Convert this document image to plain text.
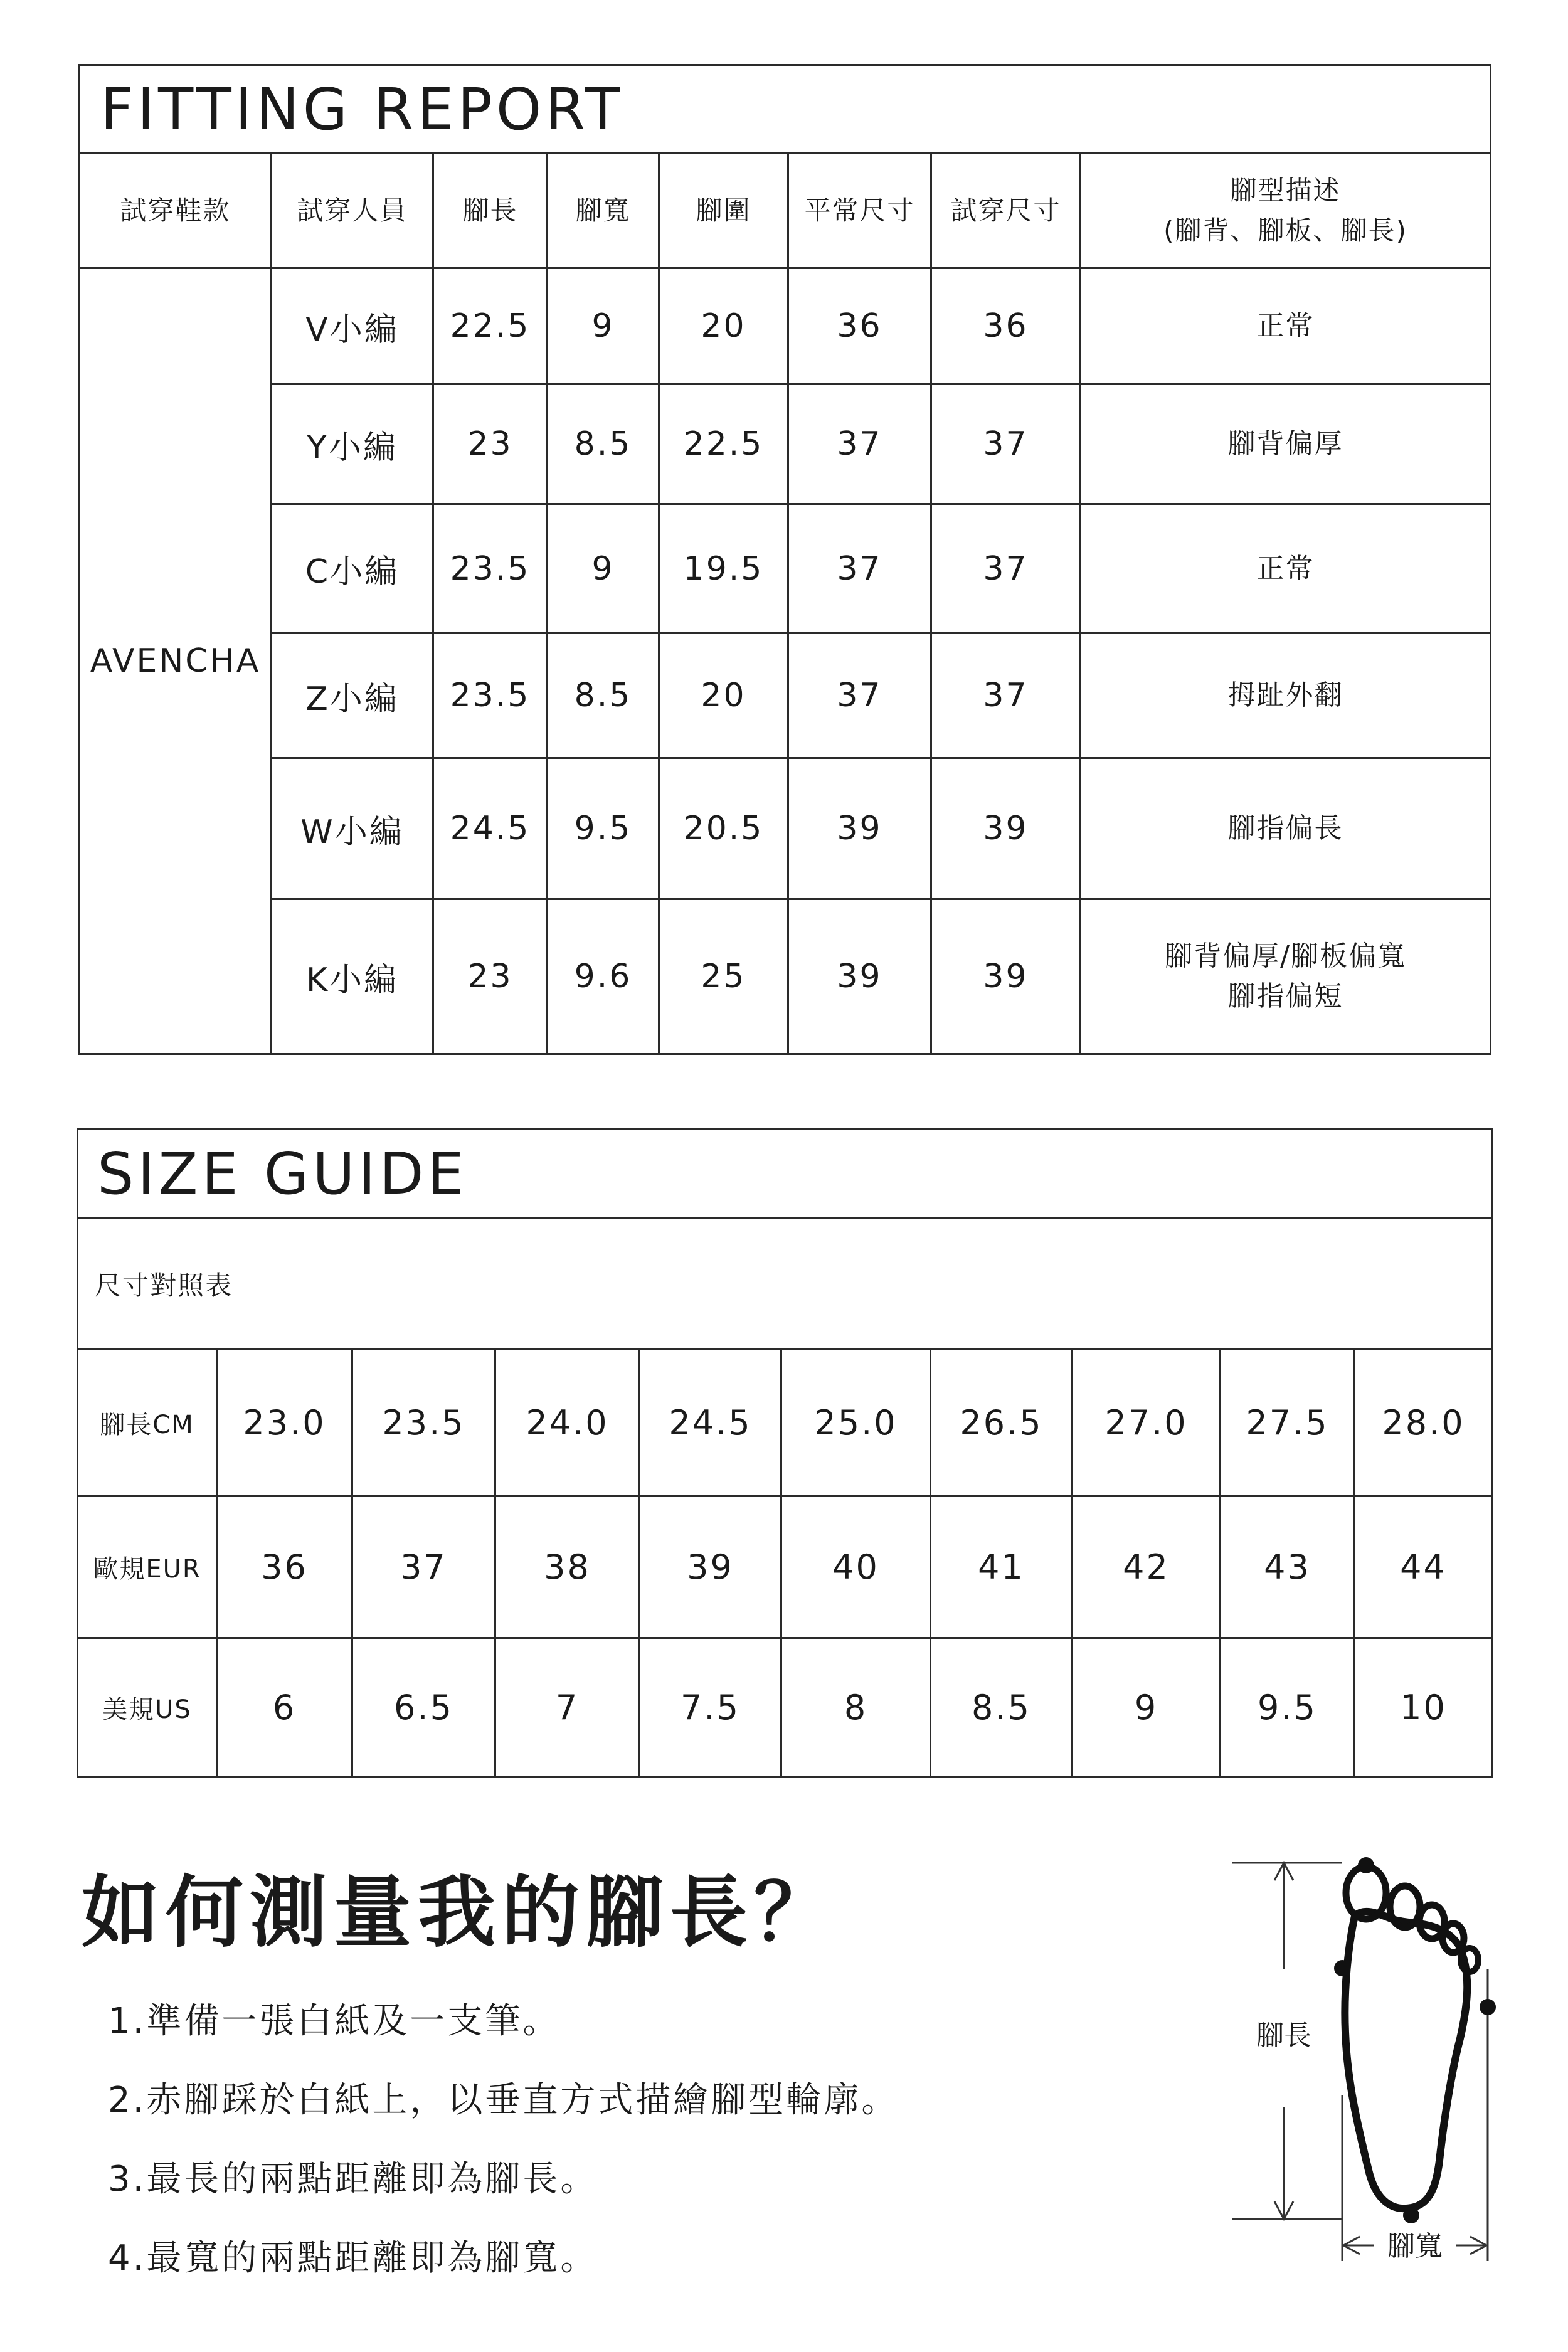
FITTING REPORT							
試穿鞋款	試穿人員	腳長	腳寬	腳圍	平常尺寸	試穿尺寸	腳型描述
(腳背、腳板、腳長)

AVENCHA	V小編	22.5	9	20	36	36	正常

	Y小編	23	8.5	22.5	37	37	腳背偏厚

	C小編	23.5	9	19.5	37	37	正常

	Z小編	23.5	8.5	20	37	37	拇趾外翻

	W小編	24.5	9.5	20.5	39	39	腳指偏長

	K小編	23	9.6	25	39	39	腳背偏厚/腳板偏寬
腳指偏短
SIZE GUIDE									
尺寸對照表									
腳長CM	23.0	23.5	24.0	24.5	25.0	26.5	27.0	27.5	28.0
歐規EUR	36	37	38	39	40	41	42	43	44
美規US	6	6.5	7	7.5	8	8.5	9	9.5	10
如何測量我的腳長？
1.準備一張白紙及一支筆。
2.赤腳踩於白紙上，以垂直方式描繪腳型輪廓。
3.最長的兩點距離即為腳長。
4.最寬的兩點距離即為腳寬。
腳長
腳寬
